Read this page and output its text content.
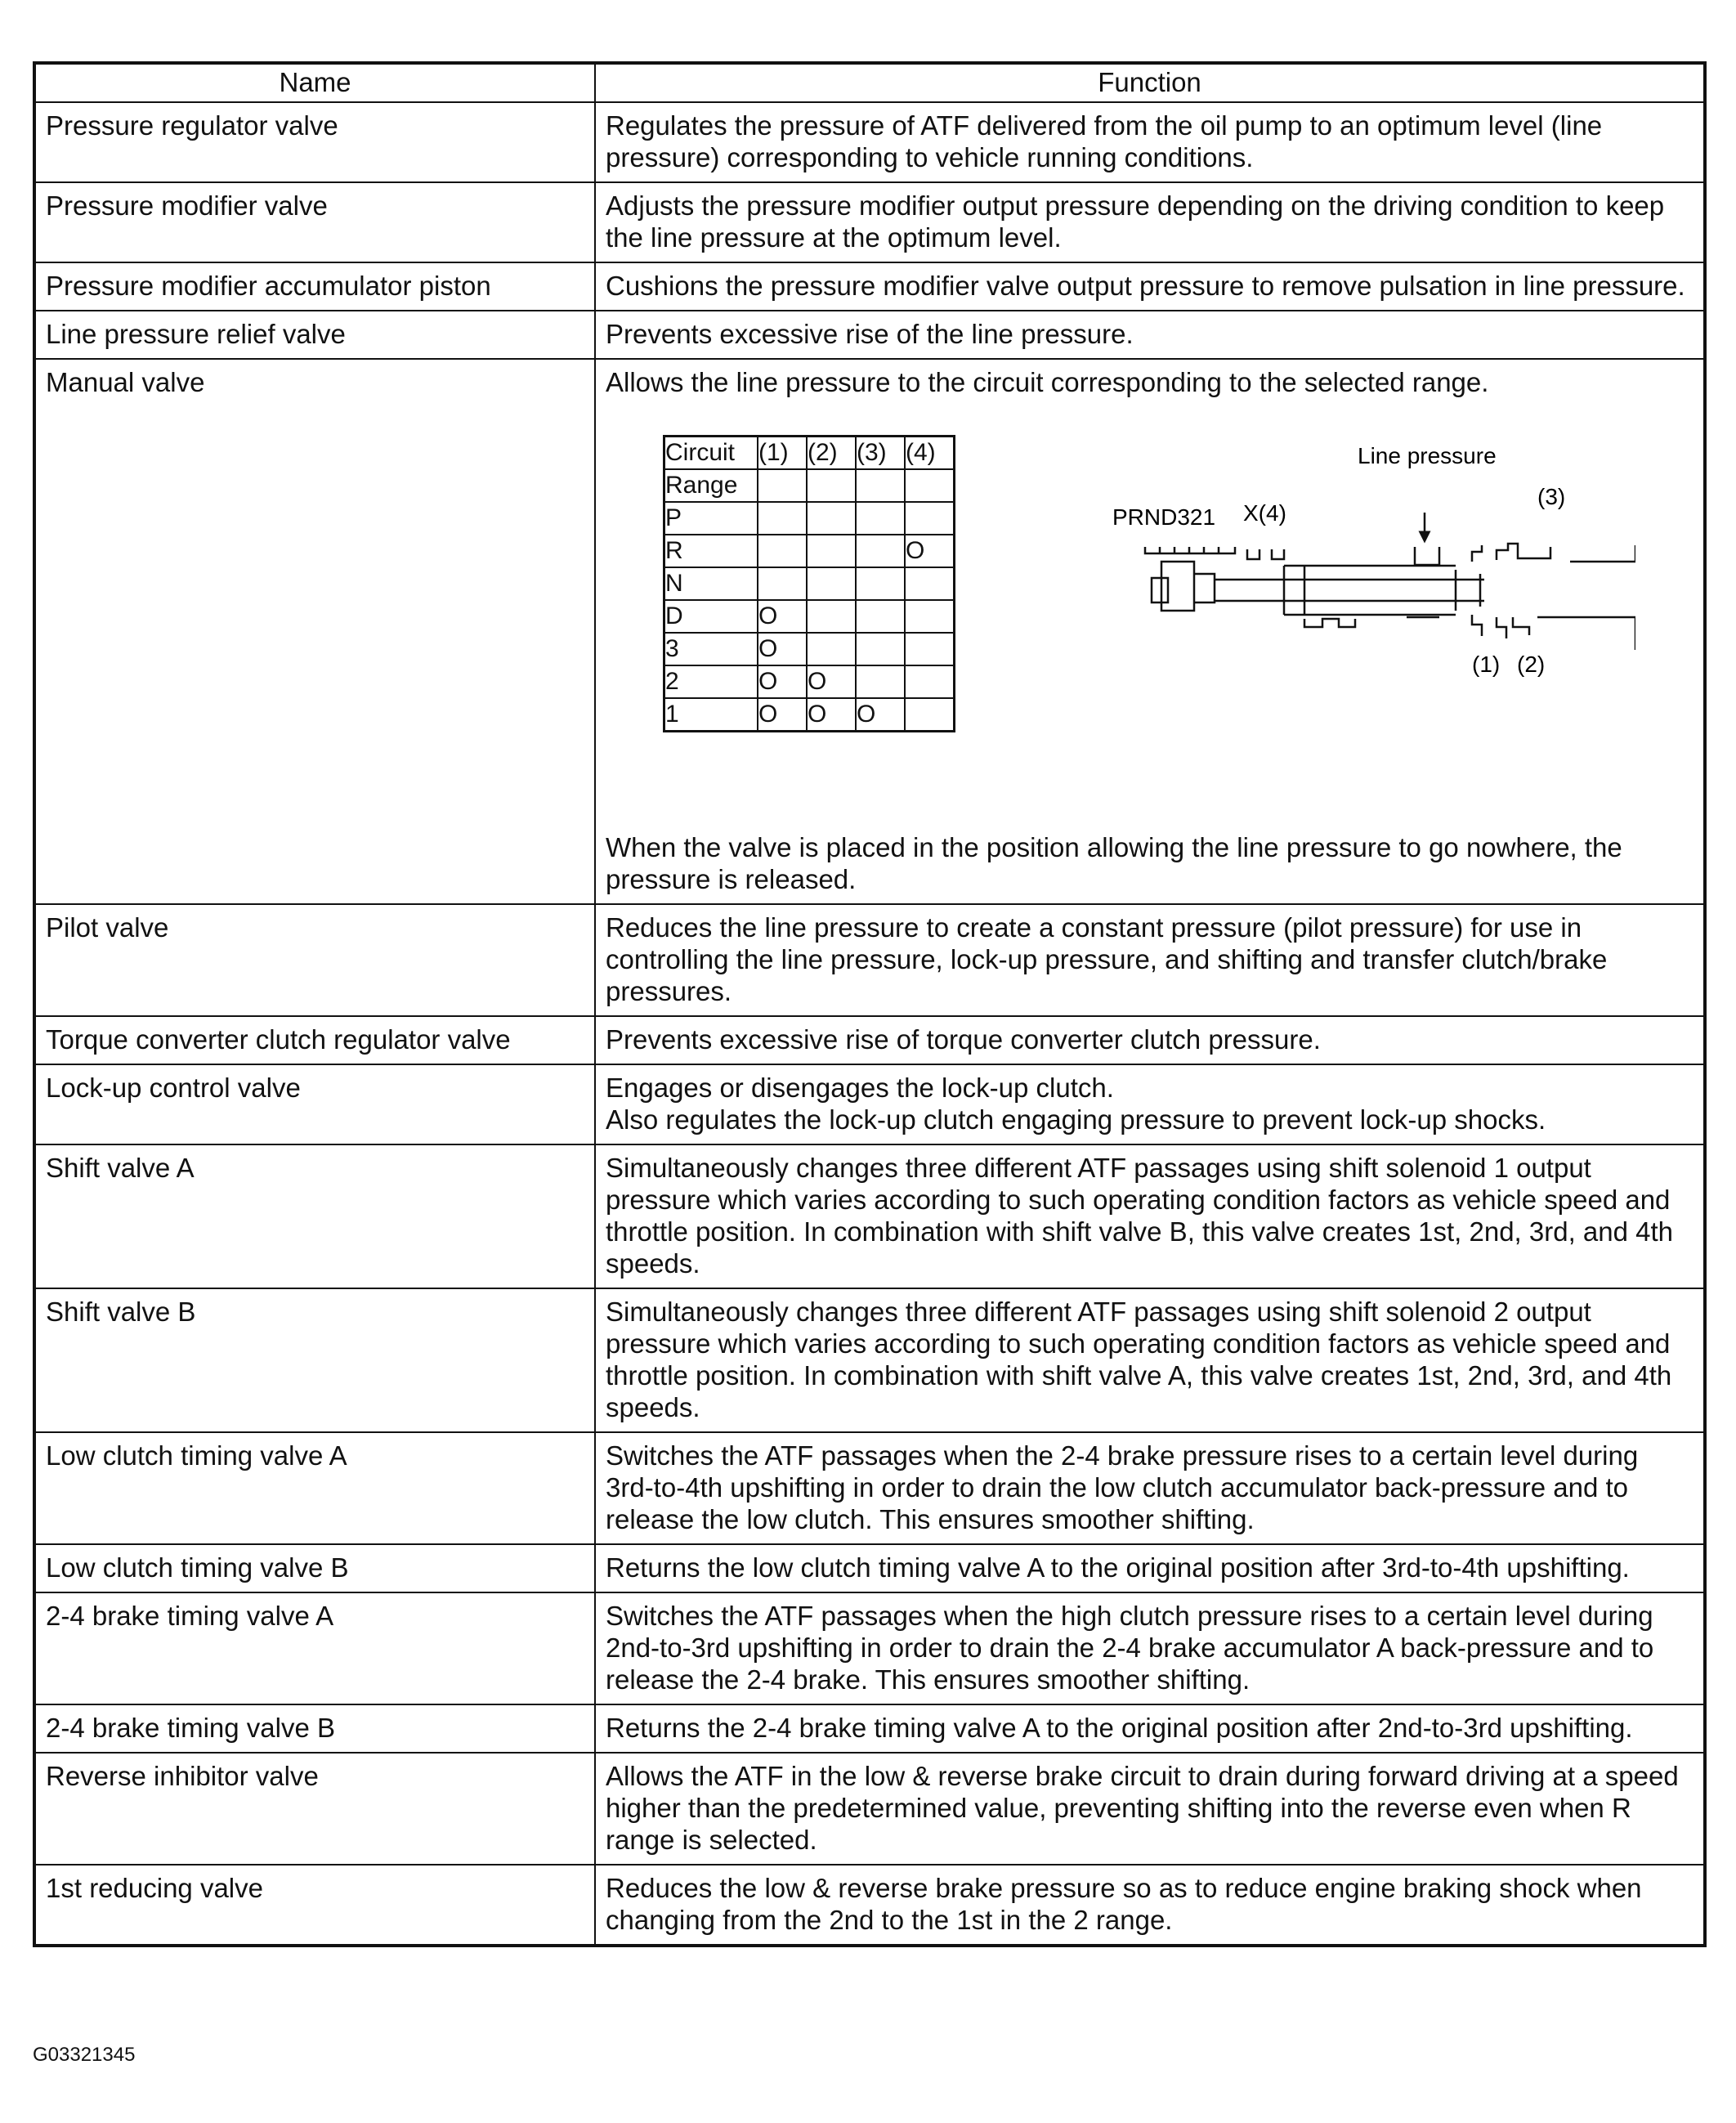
Name	Function
Pressure regulator valve	Regulates the pressure of ATF delivered from the oil pump to an optimum level (line pressure) corresponding to vehicle running conditions.

Pressure modifier valve	Adjusts the pressure modifier output pressure depending on the driving condition to keep the line pressure at the optimum level.

Pressure modifier accumulator piston	Cushions the pressure modifier valve output pressure to remove pulsation in line pressure.

Line pressure relief valve	Prevents excessive rise of the line pressure.

Manual valve	Allows the line pressure to the circuit corresponding to the selected range.
Circuit	(1)	(2)	(3)	(4)
Range				
P				
R				O
N				
D	O			
3	O			
2	O	O		
1	O	O	O	
Line pressure
PRND321 X(4)
(3)
(1) (2)
When the valve is placed in the position allowing the line pressure to go nowhere, the pressure is released.

Pilot valve	Reduces the line pressure to create a constant pressure (pilot pressure) for use in controlling the line pressure, lock-up pressure, and shifting and transfer clutch/brake pressures.

Torque converter clutch regulator valve	Prevents excessive rise of torque converter clutch pressure.

Lock-up control valve	Engages or disengages the lock-up clutch.
Also regulates the lock-up clutch engaging pressure to prevent lock-up shocks.

Shift valve A	Simultaneously changes three different ATF passages using shift solenoid 1 output pressure which varies according to such operating condition factors as vehicle speed and throttle position. In combination with shift valve B, this valve creates 1st, 2nd, 3rd, and 4th speeds.

Shift valve B	Simultaneously changes three different ATF passages using shift solenoid 2 output pressure which varies according to such operating condition factors as vehicle speed and throttle position. In combination with shift valve A, this valve creates 1st, 2nd, 3rd, and 4th speeds.

Low clutch timing valve A	Switches the ATF passages when the 2-4 brake pressure rises to a certain level during 3rd-to-4th upshifting in order to drain the low clutch accumulator back-pressure and to release the low clutch. This ensures smoother shifting.

Low clutch timing valve B	Returns the low clutch timing valve A to the original position after 3rd-to-4th upshifting.

2-4 brake timing valve A	Switches the ATF passages when the high clutch pressure rises to a certain level during 2nd-to-3rd upshifting in order to drain the 2-4 brake accumulator A back-pressure and to release the 2-4 brake. This ensures smoother shifting.

2-4 brake timing valve B	Returns the 2-4 brake timing valve A to the original position after 2nd-to-3rd upshifting.

Reverse inhibitor valve	Allows the ATF in the low & reverse brake circuit to drain during forward driving at a speed higher than the predetermined value, preventing shifting into the reverse even when R range is selected.

1st reducing valve	Reduces the low & reverse brake pressure so as to reduce engine braking shock when changing from the 2nd to the 1st in the 2 range.
G03321345
